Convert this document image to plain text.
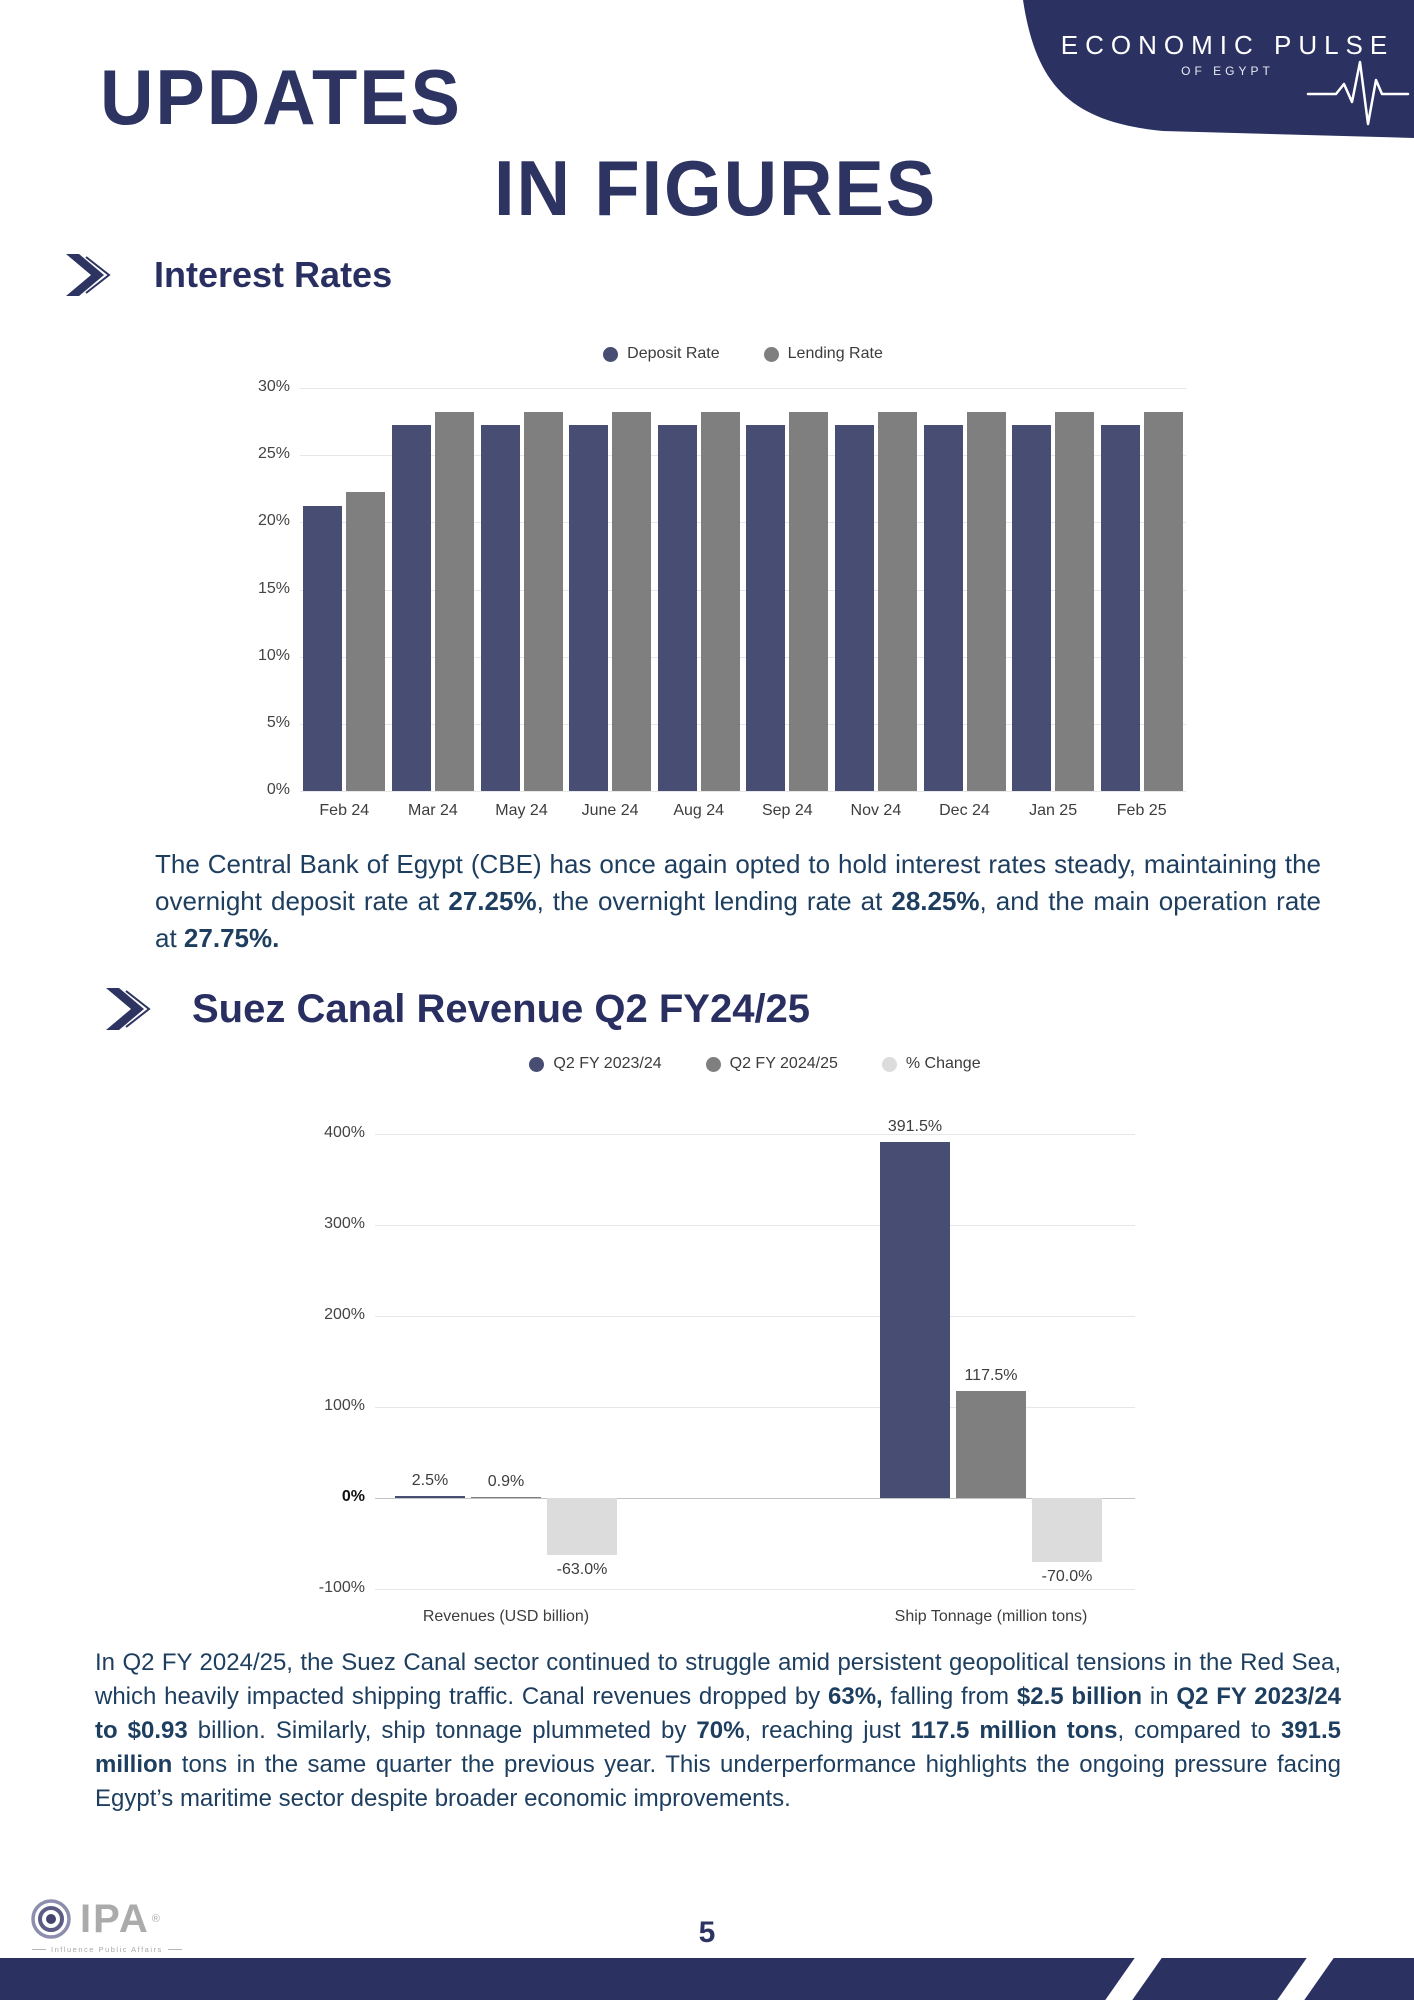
UPDATES
IN FIGURES
ECONOMIC PULSE
OF EGYPT
Interest Rates
Deposit Rate	Lending Rate
0%
5%
10%
15%
20%
25%
30%
Feb 24	Mar 24	May 24	June 24	Aug 24	Sep 24	Nov 24	Dec 24	Jan 25	Feb 25

The Central Bank of Egypt (CBE) has once again opted to hold interest rates steady, maintaining the overnight deposit rate at 27.25%, the overnight lending rate at 28.25%, and the main operation rate at 27.75%.

Suez Canal Revenue Q2 FY24/25
Q2 FY 2023/24	Q2 FY 2024/25	% Change
-100%
0%
100%
200%
300%
400%
2.5%	0.9%
-63.0%
Revenues (USD billion)
391.5%
117.5%
-70.0%
Ship Tonnage (million tons)

In Q2 FY 2024/25, the Suez Canal sector continued to struggle amid persistent geopolitical tensions in the Red Sea, which heavily impacted shipping traffic. Canal revenues dropped by 63%, falling from $2.5 billion in Q2 FY 2023/24 to $0.93 billion. Similarly, ship tonnage plummeted by 70%, reaching just 117.5 million tons, compared to 391.5 million tons in the same quarter the previous year. This underperformance highlights the ongoing pressure facing Egypt’s maritime sector despite broader economic improvements.

IPA ®
Influence Public Affairs
5
